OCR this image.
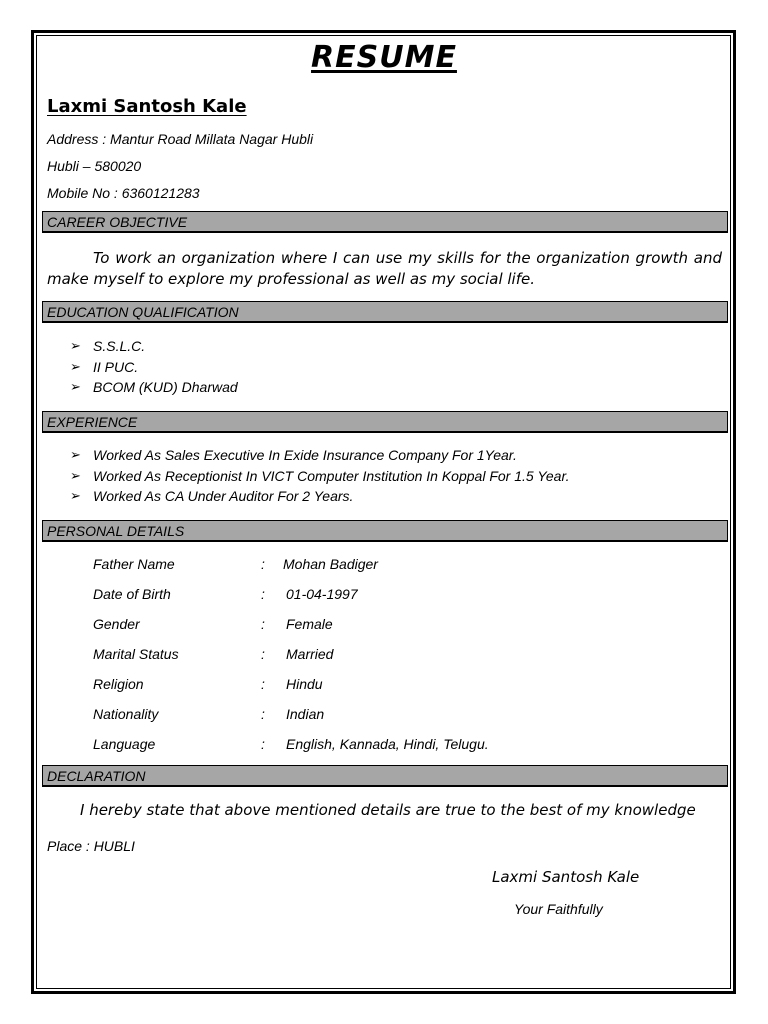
RESUME
Laxmi Santosh Kale
Address : Mantur Road Millata Nagar Hubli
Hubli – 580020
Mobile No : 6360121283
CAREER OBJECTIVE
To work an organization where I can use my skills for the organization growth and make myself to explore my professional as well as my social life.
EDUCATION QUALIFICATION
➢ S.S.L.C.
➢ II PUC.
➢ BCOM (KUD) Dharwad
EXPERIENCE
➢ Worked As Sales Executive In Exide Insurance Company For 1Year.
➢ Worked As Receptionist In VICT Computer Institution In Koppal For 1.5 Year.
➢ Worked As CA Under Auditor For 2 Years.
PERSONAL DETAILS
Father Name	: Mohan Badiger
Date of Birth	: 01-04-1997
Gender	: Female
Marital Status	: Married
Religion	: Hindu
Nationality	: Indian
Language	: English, Kannada, Hindi, Telugu.
DECLARATION
I hereby state that above mentioned details are true to the best of my knowledge
Place : HUBLI
Laxmi Santosh Kale
Your Faithfully
